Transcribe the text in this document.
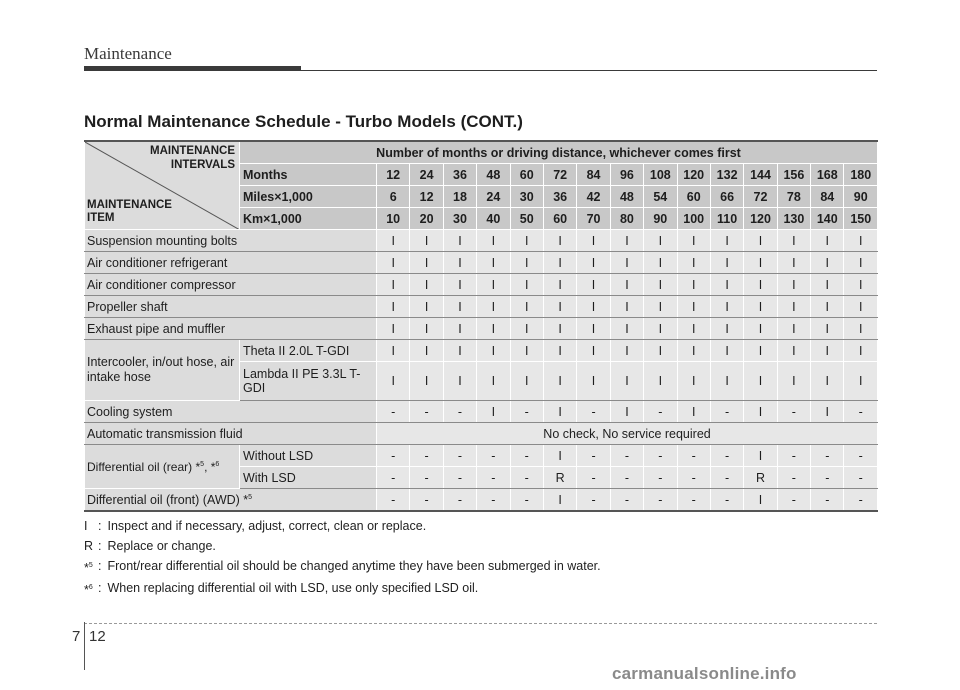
Maintenance
Normal Maintenance Schedule - Turbo Models (CONT.)
MAINTENANCE INTERVALS
MAINTENANCE ITEM	Number of months or driving distance, whichever comes first															
	Months	12	24	36	48	60	72	84	96	108	120	132	144	156	168	180
	Miles×1,000	6	12	18	24	30	36	42	48	54	60	66	72	78	84	90
	Km×1,000	10	20	30	40	50	60	70	80	90	100	110	120	130	140	150
Suspension mounting bolts		I	I	I	I	I	I	I	I	I	I	I	I	I	I	I
Air conditioner refrigerant		I	I	I	I	I	I	I	I	I	I	I	I	I	I	I
Air conditioner compressor		I	I	I	I	I	I	I	I	I	I	I	I	I	I	I
Propeller shaft		I	I	I	I	I	I	I	I	I	I	I	I	I	I	I
Exhaust pipe and muffler		I	I	I	I	I	I	I	I	I	I	I	I	I	I	I
Intercooler, in/out hose, air intake hose	Theta II 2.0L T-GDI	I	I	I	I	I	I	I	I	I	I	I	I	I	I	I
	Lambda II PE 3.3L T-GDI	I	I	I	I	I	I	I	I	I	I	I	I	I	I	I
Cooling system		-	-	-	I	-	I	-	I	-	I	-	I	-	I	-
Automatic transmission fluid		No check, No service required														
Differential oil (rear) *$^5$, *$^6$	Without LSD	-	-	-	-	-	I	-	-	-	-	-	I	-	-	-
	With LSD	-	-	-	-	-	R	-	-	-	-	-	R	-	-	-
Differential oil (front) (AWD) *$^5$		-	-	-	-	-	I	-	-	-	-	-	I	-	-	-
I : Inspect and if necessary, adjust, correct, clean or replace.
R : Replace or change.
*$^5$ : Front/rear differential oil should be changed anytime they have been submerged in water.
*$^6$ : When replacing differential oil with LSD, use only specified LSD oil.
7 12
carmanualsonline.info
